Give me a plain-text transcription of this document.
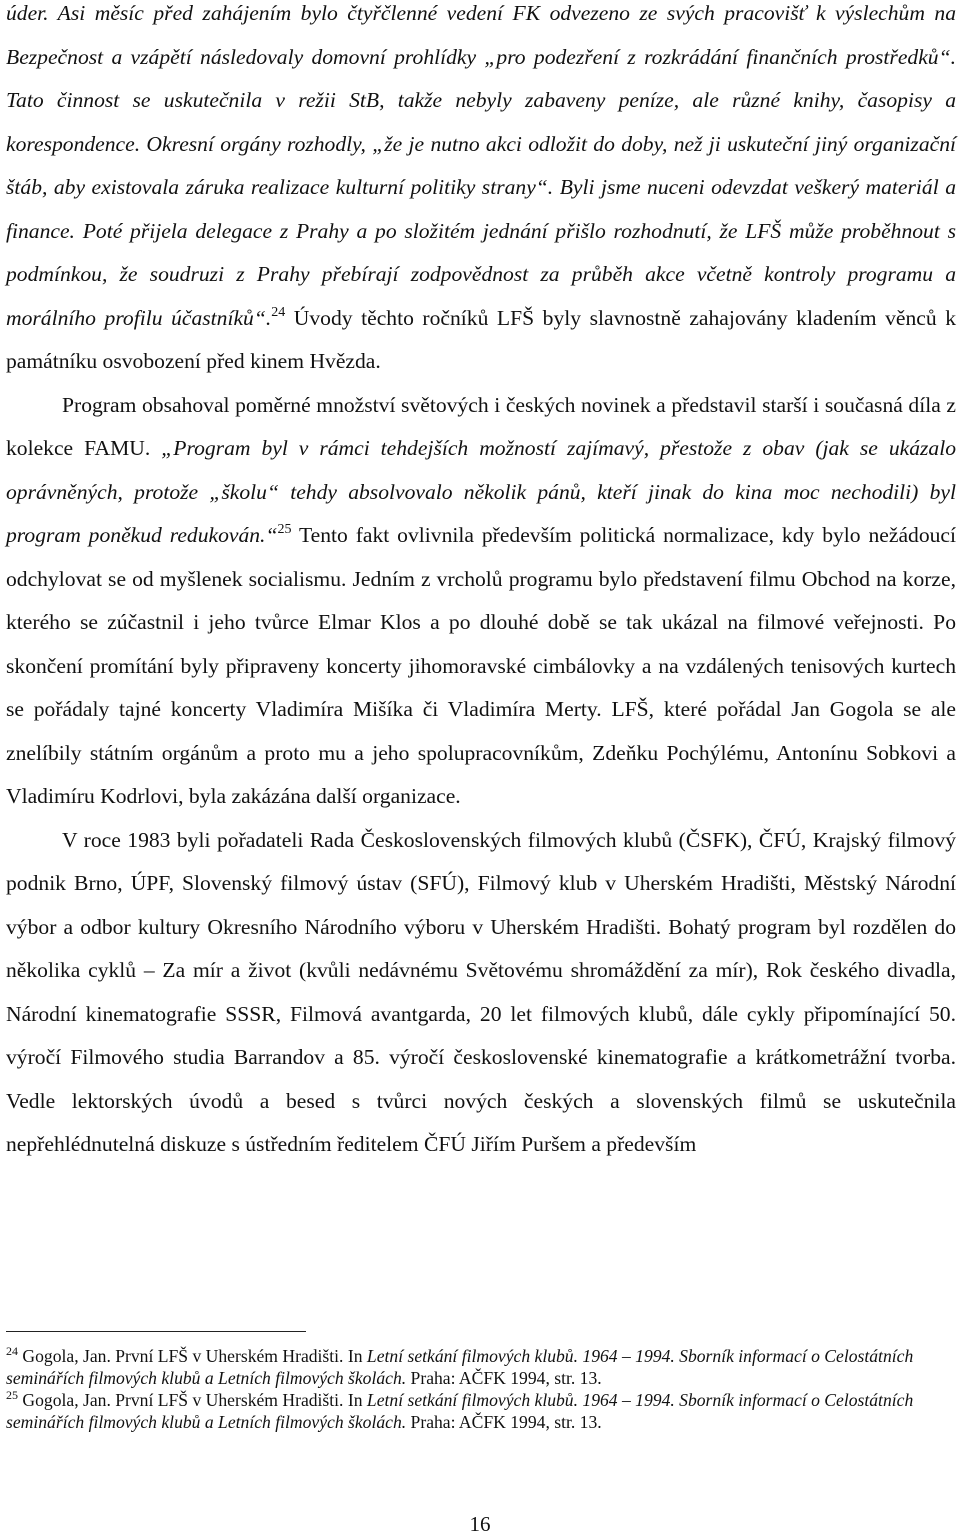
úder. Asi měsíc před zahájením bylo čtyřčlenné vedení FK odvezeno ze svých pracovišť k výslechům na Bezpečnost a vzápětí následovaly domovní prohlídky „pro podezření z rozkrádání finančních prostředků“. Tato činnost se uskutečnila v režii StB, takže nebyly zabaveny peníze, ale různé knihy, časopisy a korespondence. Okresní orgány rozhodly, „že je nutno akci odložit do doby, než ji uskuteční jiný organizační štáb, aby existovala záruka realizace kulturní politiky strany“. Byli jsme nuceni odevzdat veškerý materiál a finance. Poté přijela delegace z Prahy a po složitém jednání přišlo rozhodnutí, že LFŠ může proběhnout s podmínkou, že soudruzi z Prahy přebírají zodpovědnost za průběh akce včetně kontroly programu a morálního profilu účastníků“.$^{24}$ Úvody těchto ročníků LFŠ byly slavnostně zahajovány kladením věnců k památníku osvobození před kinem Hvězda.

Program obsahoval poměrné množství světových i českých novinek a představil starší i současná díla z kolekce FAMU. „Program byl v rámci tehdejších možností zajímavý, přestože z obav (jak se ukázalo oprávněných, protože „školu“ tehdy absolvovalo několik pánů, kteří jinak do kina moc nechodili) byl program poněkud redukován.“$^{25}$ Tento fakt ovlivnila především politická normalizace, kdy bylo nežádoucí odchylovat se od myšlenek socialismu. Jedním z vrcholů programu bylo představení filmu Obchod na korze, kterého se zúčastnil i jeho tvůrce Elmar Klos a po dlouhé době se tak ukázal na filmové veřejnosti. Po skončení promítání byly připraveny koncerty jihomoravské cimbálovky a na vzdálených tenisových kurtech se pořádaly tajné koncerty Vladimíra Mišíka či Vladimíra Merty. LFŠ, které pořádal Jan Gogola se ale znelíbily státním orgánům a proto mu a jeho spolupracovníkům, Zdeňku Pochýlému, Antonínu Sobkovi a Vladimíru Kodrlovi, byla zakázána další organizace.

V roce 1983 byli pořadateli Rada Československých filmových klubů (ČSFK), ČFÚ, Krajský filmový podnik Brno, ÚPF, Slovenský filmový ústav (SFÚ), Filmový klub v Uherském Hradišti, Městský Národní výbor a odbor kultury Okresního Národního výboru v Uherském Hradišti. Bohatý program byl rozdělen do několika cyklů – Za mír a život (kvůli nedávnému Světovému shromáždění za mír), Rok českého divadla, Národní kinematografie SSSR, Filmová avantgarda, 20 let filmových klubů, dále cykly připomínající 50. výročí Filmového studia Barrandov a 85. výročí československé kinematografie a krátkometrážní tvorba. Vedle lektorských úvodů a besed s tvůrci nových českých a slovenských filmů se uskutečnila nepřehlédnutelná diskuze s ústředním ředitelem ČFÚ Jiřím Puršem a především

$^{24}$ Gogola, Jan. První LFŠ v Uherském Hradišti. In Letní setkání filmových klubů. 1964 – 1994. Sborník informací o Celostátních seminářích filmových klubů a Letních filmových školách. Praha: AČFK 1994, str. 13.

$^{25}$ Gogola, Jan. První LFŠ v Uherském Hradišti. In Letní setkání filmových klubů. 1964 – 1994. Sborník informací o Celostátních seminářích filmových klubů a Letních filmových školách. Praha: AČFK 1994, str. 13.

16
